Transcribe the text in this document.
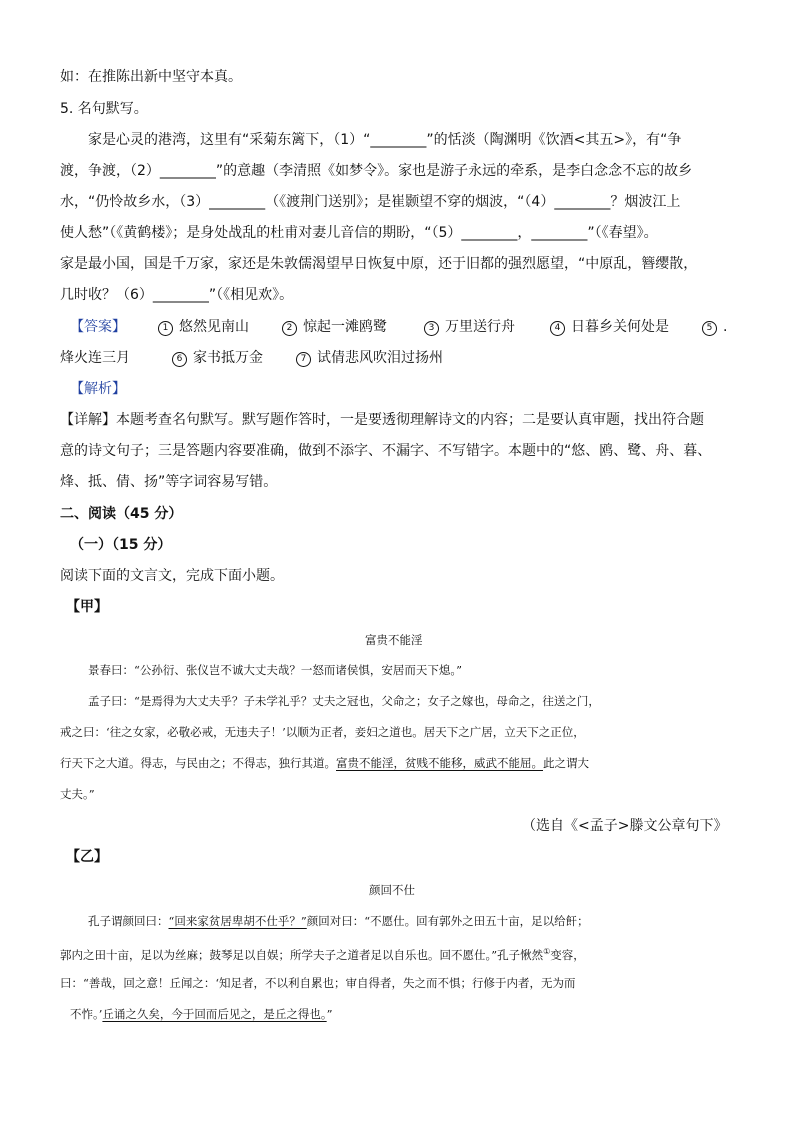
如：在推陈出新中坚守本真。
5. 名句默写。
家是心灵的港湾，这里有“采菊东篱下，（1）“________”的恬淡（陶渊明《饮酒<其五>》，有“争
渡，争渡，（2）________”的意趣（李清照《如梦令》。家也是游子永远的牵系，是李白念念不忘的故乡
水，“仍怜故乡水，（3）________（《渡荆门送别》；是崔颢望不穿的烟波，“（4）________？烟波江上
使人愁”（《黄鹤楼》；是身处战乱的杜甫对妻儿音信的期盼，“（5）________，________”（《春望》。
家是最小国，国是千万家，家还是朱敦儒渴望早日恢复中原，还于旧都的强烈愿望，“中原乱，簪缨散，
几时收？（6）________”（《相见欢》。
【答案】	1 悠然见南山	2 惊起一滩鸥鹭	3 万里送行舟	4 日暮乡关何处是	5 .
烽火连三月	6 家书抵万金	7 试倩悲风吹泪过扬州
【解析】
【详解】本题考查名句默写。默写题作答时，一是要透彻理解诗文的内容；二是要认真审题，找出符合题
意的诗文句子；三是答题内容要准确，做到不添字、不漏字、不写错字。本题中的“悠、鸥、鹭、舟、暮、
烽、抵、倩、扬”等字词容易写错。
二、阅读（45 分）
（一）（15 分）
阅读下面的文言文，完成下面小题。
【甲】
富贵不能淫
景春曰：“公孙衍、张仪岂不诚大丈夫哉？一怒而诸侯惧，安居而天下熄。”
孟子曰：“是焉得为大丈夫乎？子未学礼乎？丈夫之冠也，父命之；女子之嫁也，母命之，往送之门，
戒之曰：‘往之女家，必敬必戒，无违夫子！’以顺为正者，妾妇之道也。居天下之广居，立天下之正位，
行天下之大道。得志，与民由之；不得志，独行其道。富贵不能淫，贫贱不能移，威武不能屈。此之谓大
丈夫。”
（选自《<孟子>滕文公章句下》
【乙】
颜回不仕
孔子谓颜回曰：“回来家贫居卑胡不仕乎？”颜回对曰：“不愿仕。回有郭外之田五十亩，足以给飦；
郭内之田十亩，足以为丝麻；鼓琴足以自娱；所学夫子之道者足以自乐也。回不愿仕。”孔子愀然①变容，
曰：“善哉，回之意！丘闻之：‘知足者，不以利自累也；审自得者，失之而不惧；行修于内者，无为而
不怍。’丘诵之久矣，今于回而后见之，是丘之得也。”
